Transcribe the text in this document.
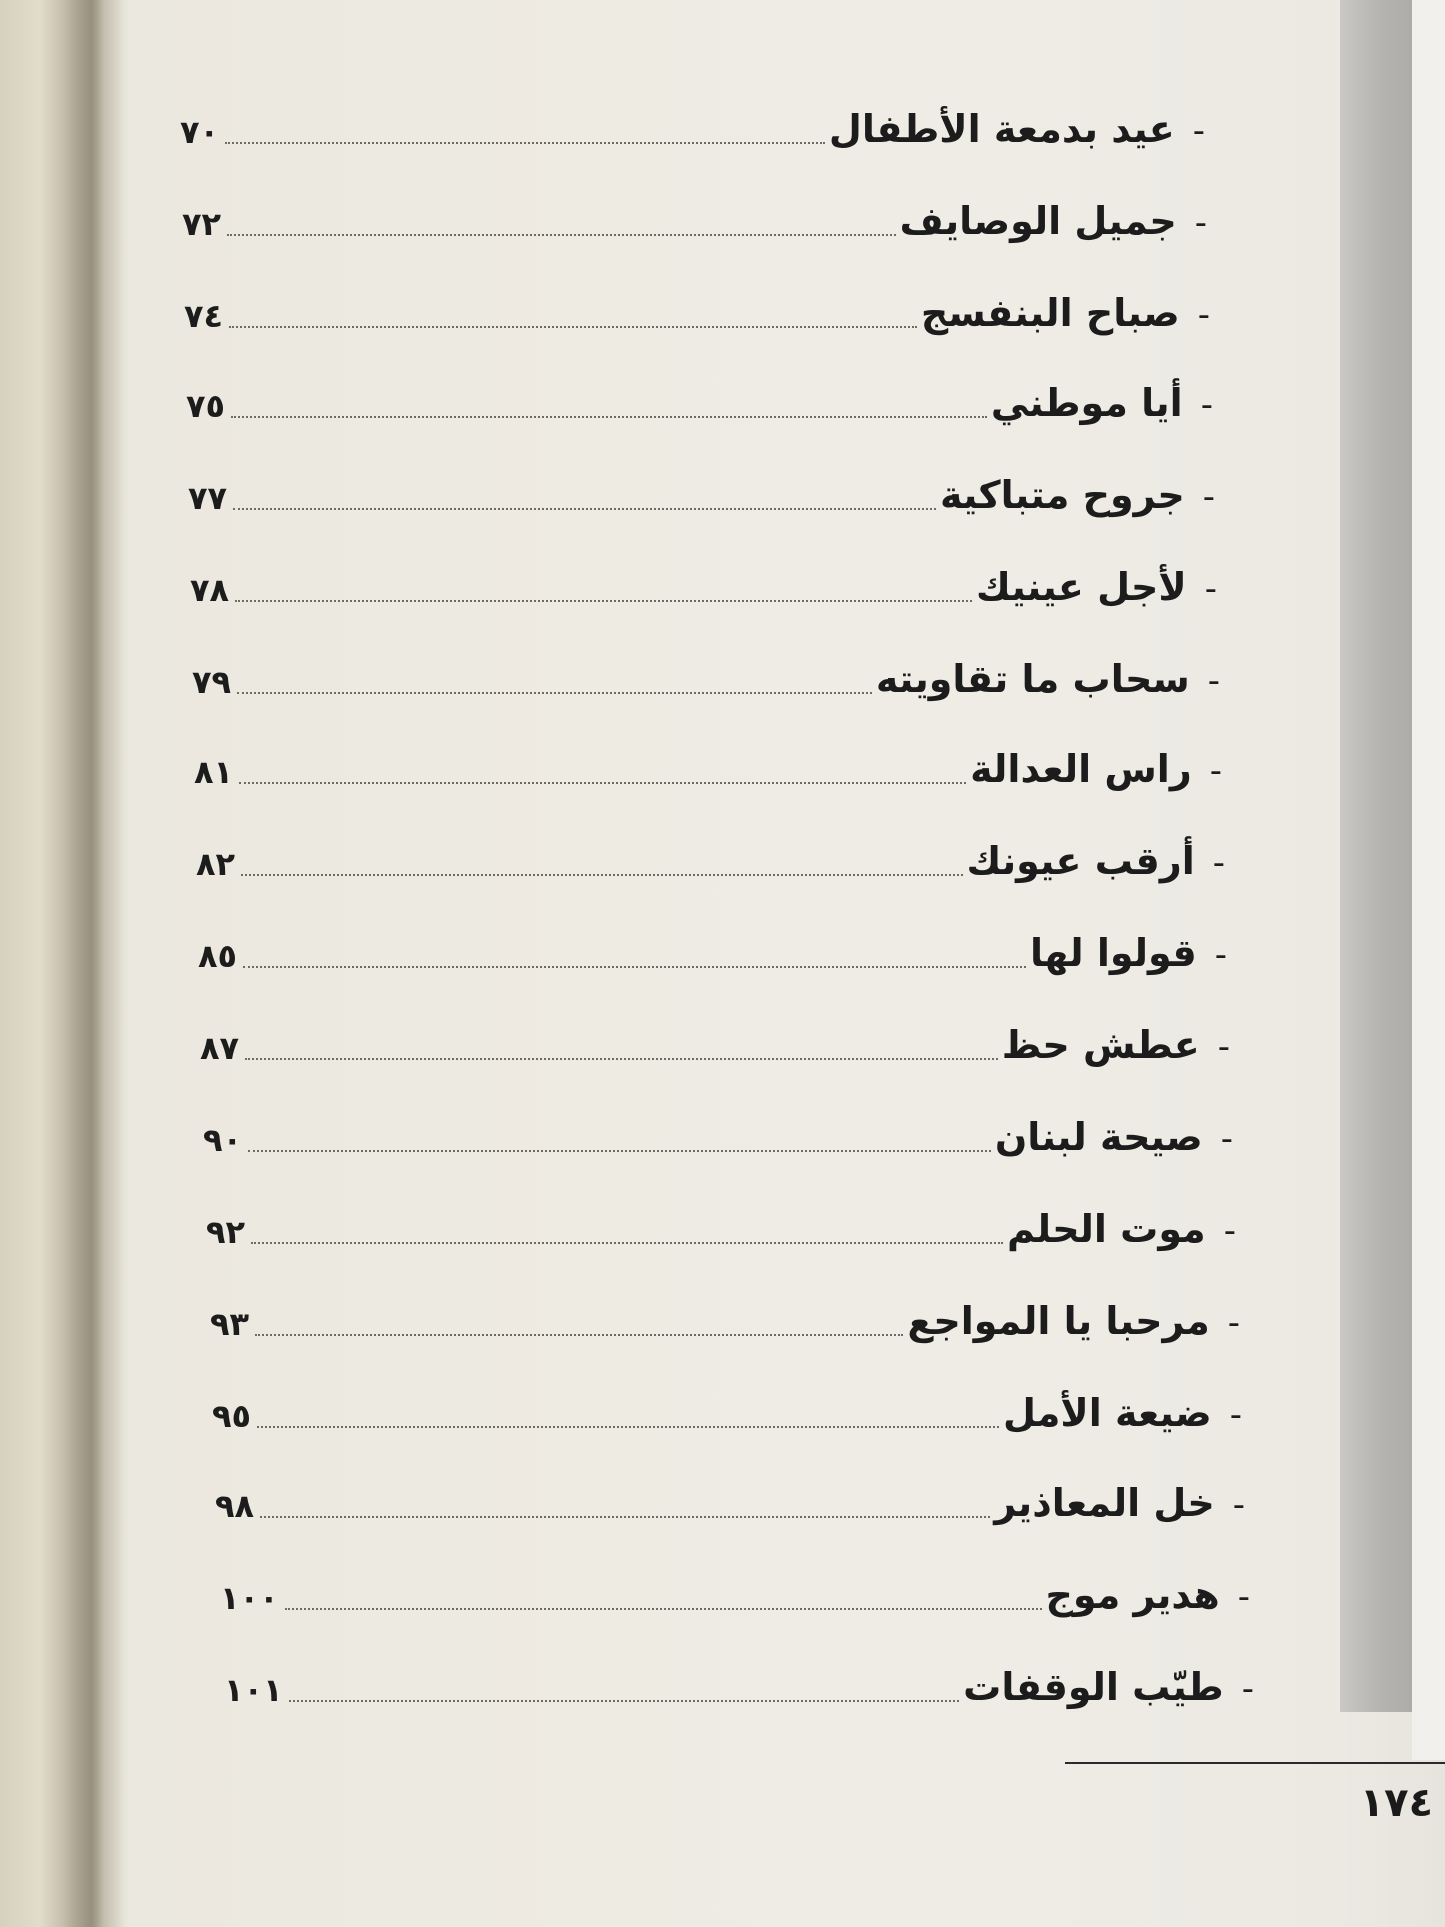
-
عيد بدمعة الأطفال
٧٠
-
جميل الوصايف
٧٢
-
صباح البنفسج
٧٤
-
أيا موطني
٧٥
-
جروح متباكية
٧٧
-
لأجل عينيك
٧٨
-
سحاب ما تقاويته
٧٩
-
راس العدالة
٨١
-
أرقب عيونك
٨٢
-
قولوا لها
٨٥
-
عطش حظ
٨٧
-
صيحة لبنان
٩٠
-
موت الحلم
٩٢
-
مرحبا يا المواجع
٩٣
-
ضيعة الأمل
٩٥
-
خل المعاذير
٩٨
-
هدير موج
١٠٠
-
طيّب الوقفات
١٠١
١٧٤
